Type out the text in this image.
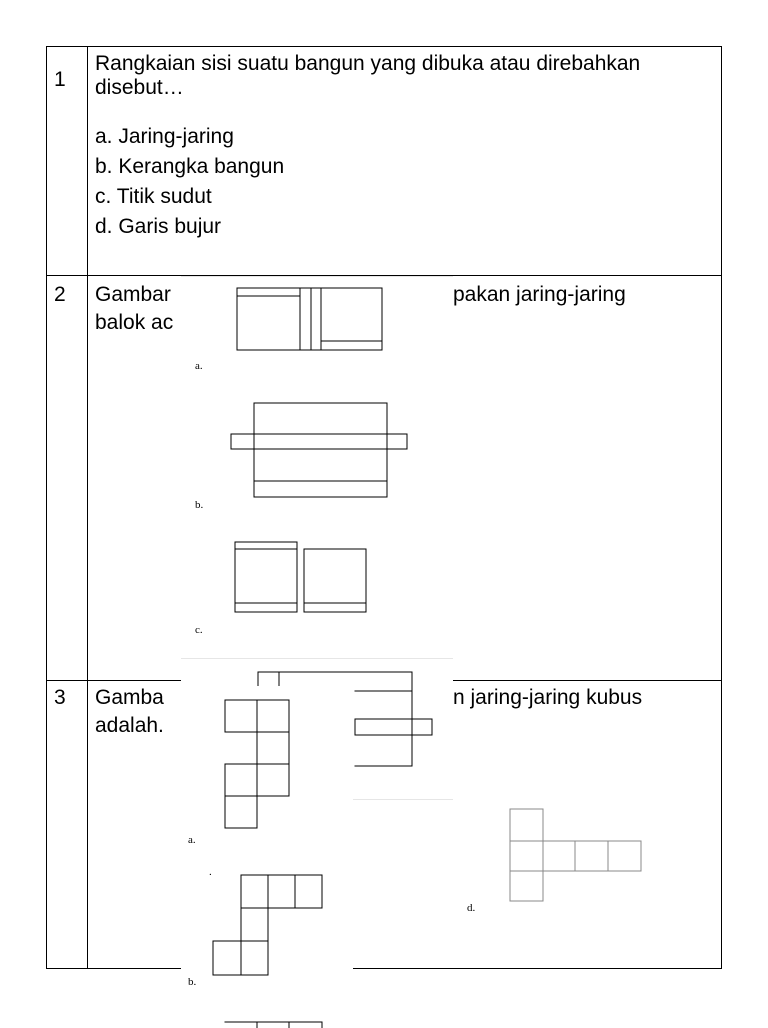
1
Rangkaian sisi suatu bangun yang dibuka atau direbahkan disebut…
a. Jaring-jaring
b. Kerangka bangun
c. Titik sudut
d. Garis bujur
2 Gambar	pakan jaring-jaring
balok ac
a.
b.
c.
3 Gamba	n jaring-jaring kubus
adalah.
a.
.
b.
d.
